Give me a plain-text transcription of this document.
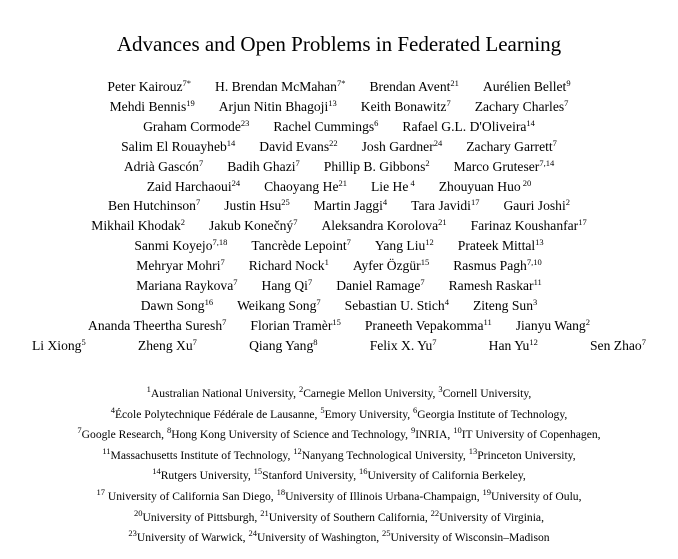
Advances and Open Problems in Federated Learning
Peter Kairouz$^{7*}$ H. Brendan McMahan$^{7*}$ Brendan Avent$^{21}$ Aurélien Bellet$^9$
Mehdi Bennis$^{19}$ Arjun Nitin Bhagoji$^{13}$ Keith Bonawitz$^7$ Zachary Charles$^7$
Graham Cormode$^{23}$ Rachel Cummings$^6$ Rafael G.L. D'Oliveira$^{14}$
Salim El Rouayheb$^{14}$ David Evans$^{22}$ Josh Gardner$^{24}$ Zachary Garrett$^7$
Adrià Gascón$^7$ Badih Ghazi$^7$ Phillip B. Gibbons$^2$ Marco Gruteser$^{7,14}$
Zaid Harchaoui$^{24}$ Chaoyang He$^{21}$ Lie He $^4$ Zhouyuan Huo $^{20}$
Ben Hutchinson$^7$ Justin Hsu$^{25}$ Martin Jaggi$^4$ Tara Javidi$^{17}$ Gauri Joshi$^2$
Mikhail Khodak$^2$ Jakub Konečný$^7$ Aleksandra Korolova$^{21}$ Farinaz Koushanfar$^{17}$
Sanmi Koyejo$^{7,18}$ Tancrède Lepoint$^7$ Yang Liu$^{12}$ Prateek Mittal$^{13}$
Mehryar Mohri$^7$ Richard Nock$^1$ Ayfer Özgür$^{15}$ Rasmus Pagh$^{7,10}$
Mariana Raykova$^7$ Hang Qi$^7$ Daniel Ramage$^7$ Ramesh Raskar$^{11}$
Dawn Song$^{16}$ Weikang Song$^7$ Sebastian U. Stich$^4$ Ziteng Sun$^3$
Ananda Theertha Suresh$^7$ Florian Tramèr$^{15}$ Praneeth Vepakomma$^{11}$ Jianyu Wang$^2$
Li Xiong$^5$	Zheng Xu$^7$	Qiang Yang$^8$	Felix X. Yu$^7$	Han Yu$^{12}$	Sen Zhao$^7$
$^1$Australian National University, $^2$Carnegie Mellon University, $^3$Cornell University,
$^4$École Polytechnique Fédérale de Lausanne, $^5$Emory University, $^6$Georgia Institute of Technology,
$^7$Google Research, $^8$Hong Kong University of Science and Technology, $^9$INRIA, $^{10}$IT University of Copenhagen,
$^{11}$Massachusetts Institute of Technology, $^{12}$Nanyang Technological University, $^{13}$Princeton University,
$^{14}$Rutgers University, $^{15}$Stanford University, $^{16}$University of California Berkeley,
$^{17}$ University of California San Diego, $^{18}$University of Illinois Urbana-Champaign, $^{19}$University of Oulu,
$^{20}$University of Pittsburgh, $^{21}$University of Southern California, $^{22}$University of Virginia,
$^{23}$University of Warwick, $^{24}$University of Washington, $^{25}$University of Wisconsin–Madison
